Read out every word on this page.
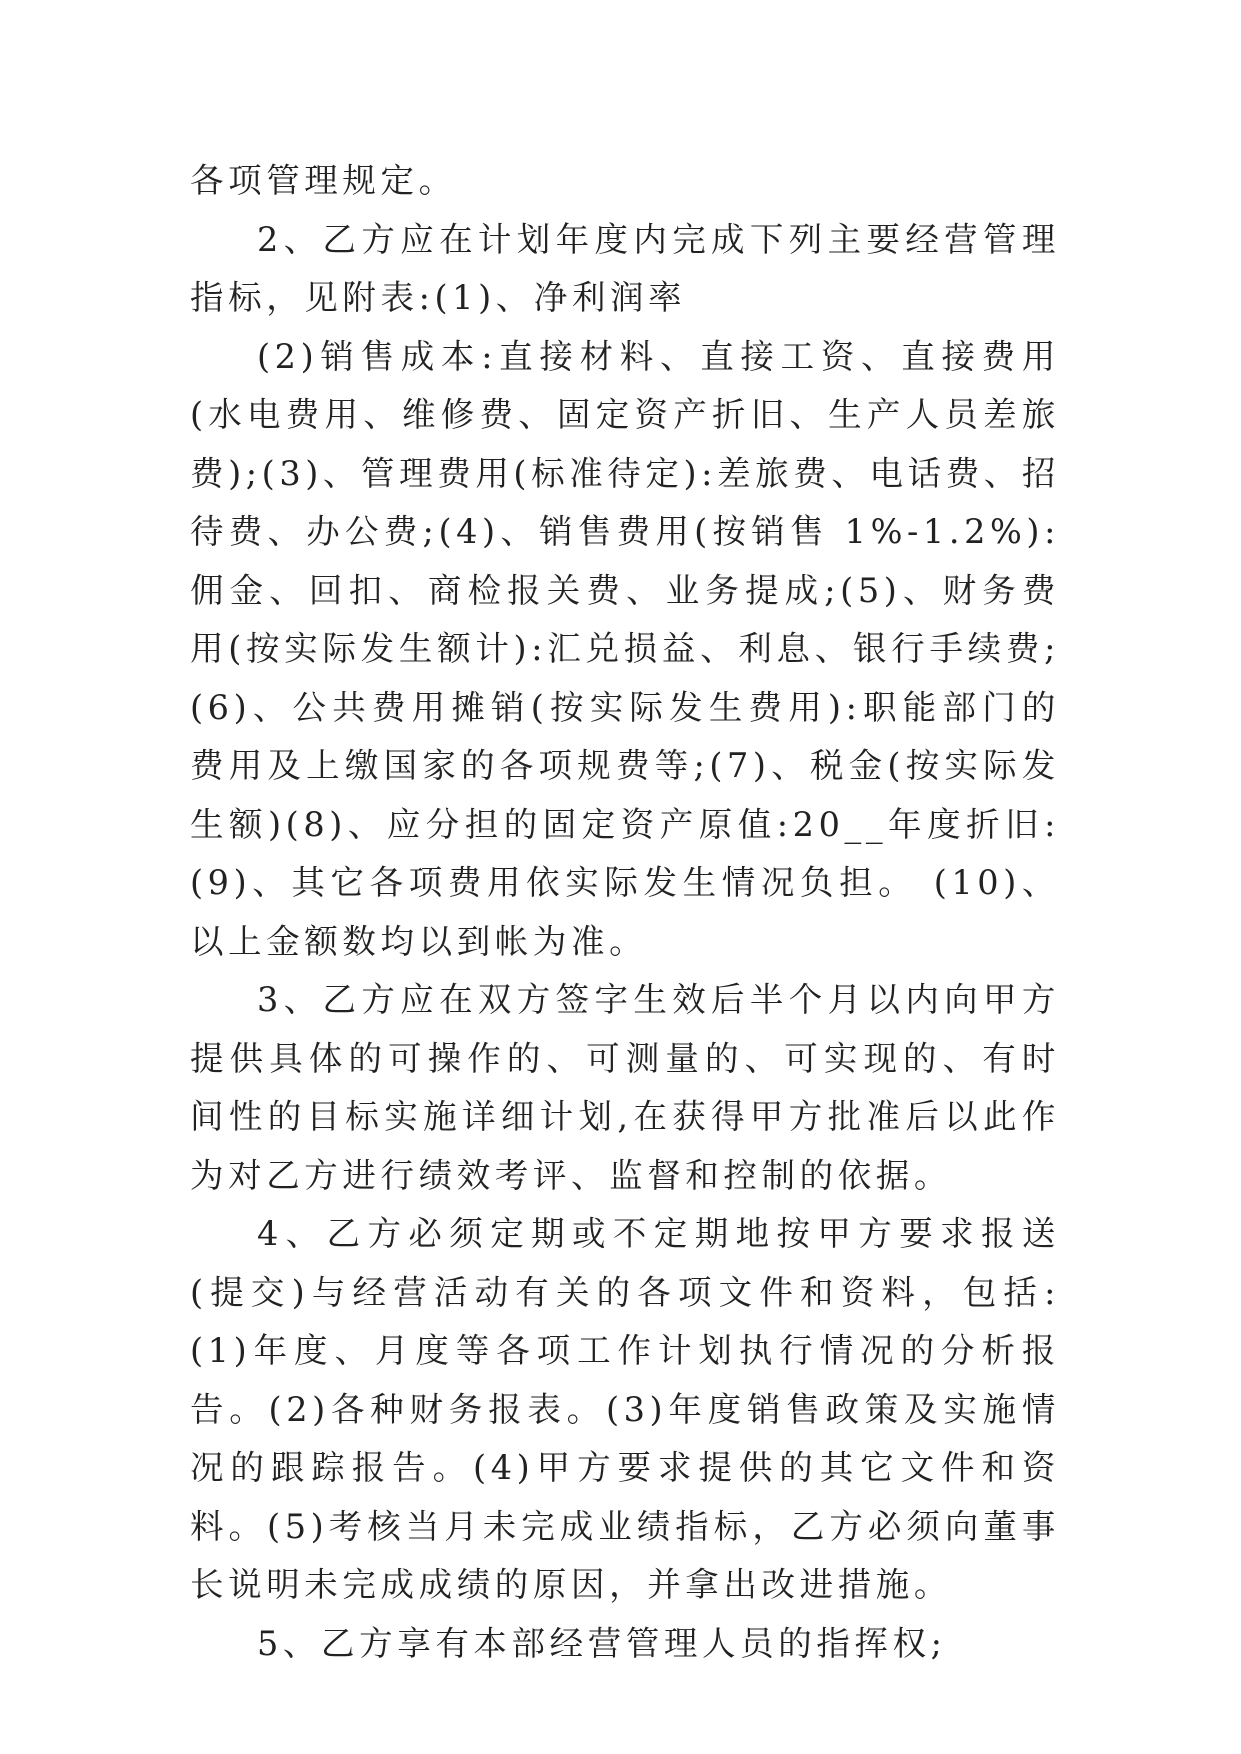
各项管理规定。

2、乙方应在计划年度内完成下列主要经营管理指标，见附表:(1)、净利润率

(2)销售成本:直接材料、直接工资、直接费用(水电费用、维修费、固定资产折旧、生产人员差旅费);(3)、管理费用(标准待定):差旅费、电话费、招待费、办公费;(4)、销售费用(按销售 1%-1.2%):佣金、回扣、商检报关费、业务提成;(5)、财务费用(按实际发生额计):汇兑损益、利息、银行手续费;(6)、公共费用摊销(按实际发生费用):职能部门的费用及上缴国家的各项规费等;(7)、税金(按实际发生额)(8)、应分担的固定资产原值:20__年度折旧:(9)、其它各项费用依实际发生情况负担。 (10)、以上金额数均以到帐为准。

3、乙方应在双方签字生效后半个月以内向甲方提供具体的可操作的、可测量的、可实现的、有时间性的目标实施详细计划,在获得甲方批准后以此作为对乙方进行绩效考评、监督和控制的依据。

4、乙方必须定期或不定期地按甲方要求报送(提交)与经营活动有关的各项文件和资料，包括:(1)年度、月度等各项工作计划执行情况的分析报告。(2)各种财务报表。(3)年度销售政策及实施情况的跟踪报告。(4)甲方要求提供的其它文件和资料。(5)考核当月未完成业绩指标，乙方必须向董事长说明未完成成绩的原因，并拿出改进措施。

5、乙方享有本部经营管理人员的指挥权;
